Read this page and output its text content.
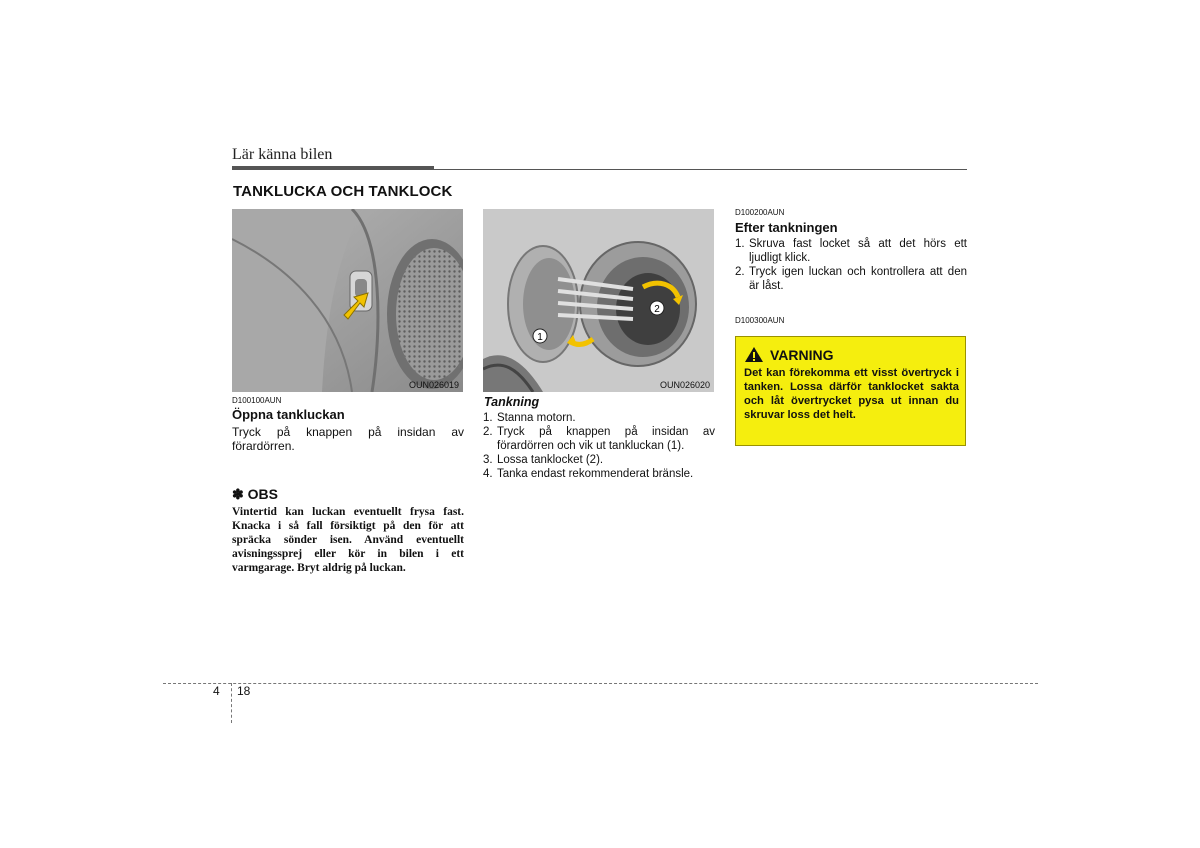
Lär känna bilen
TANKLUCKA OCH TANKLOCK
OUN026019
2
1
OUN026020
D100100AUN
Öppna tankluckan
Tryck på knappen på insidan av förardörren.
✽ OBS
Vintertid kan luckan eventuellt frysa fast. Knacka i så fall försiktigt på den för att spräcka sönder isen. Använd eventuellt avisningssprej eller kör in bilen i ett varmgarage. Bryt aldrig på luckan.
Tankning
1. Stanna motorn.
2. Tryck på knappen på insidan av förardörren och vik ut tankluckan (1).
3. Lossa tanklocket (2).
4. Tanka endast rekommenderat bränsle.
D100200AUN
Efter tankningen
1. Skruva fast locket så att det hörs ett ljudligt klick.
2. Tryck igen luckan och kontrollera att den är låst.
D100300AUN
VARNING
Det kan förekomma ett visst övertryck i tanken. Lossa därför tanklocket sakta och låt övertrycket pysa ut innan du skruvar loss det helt.
4 18
